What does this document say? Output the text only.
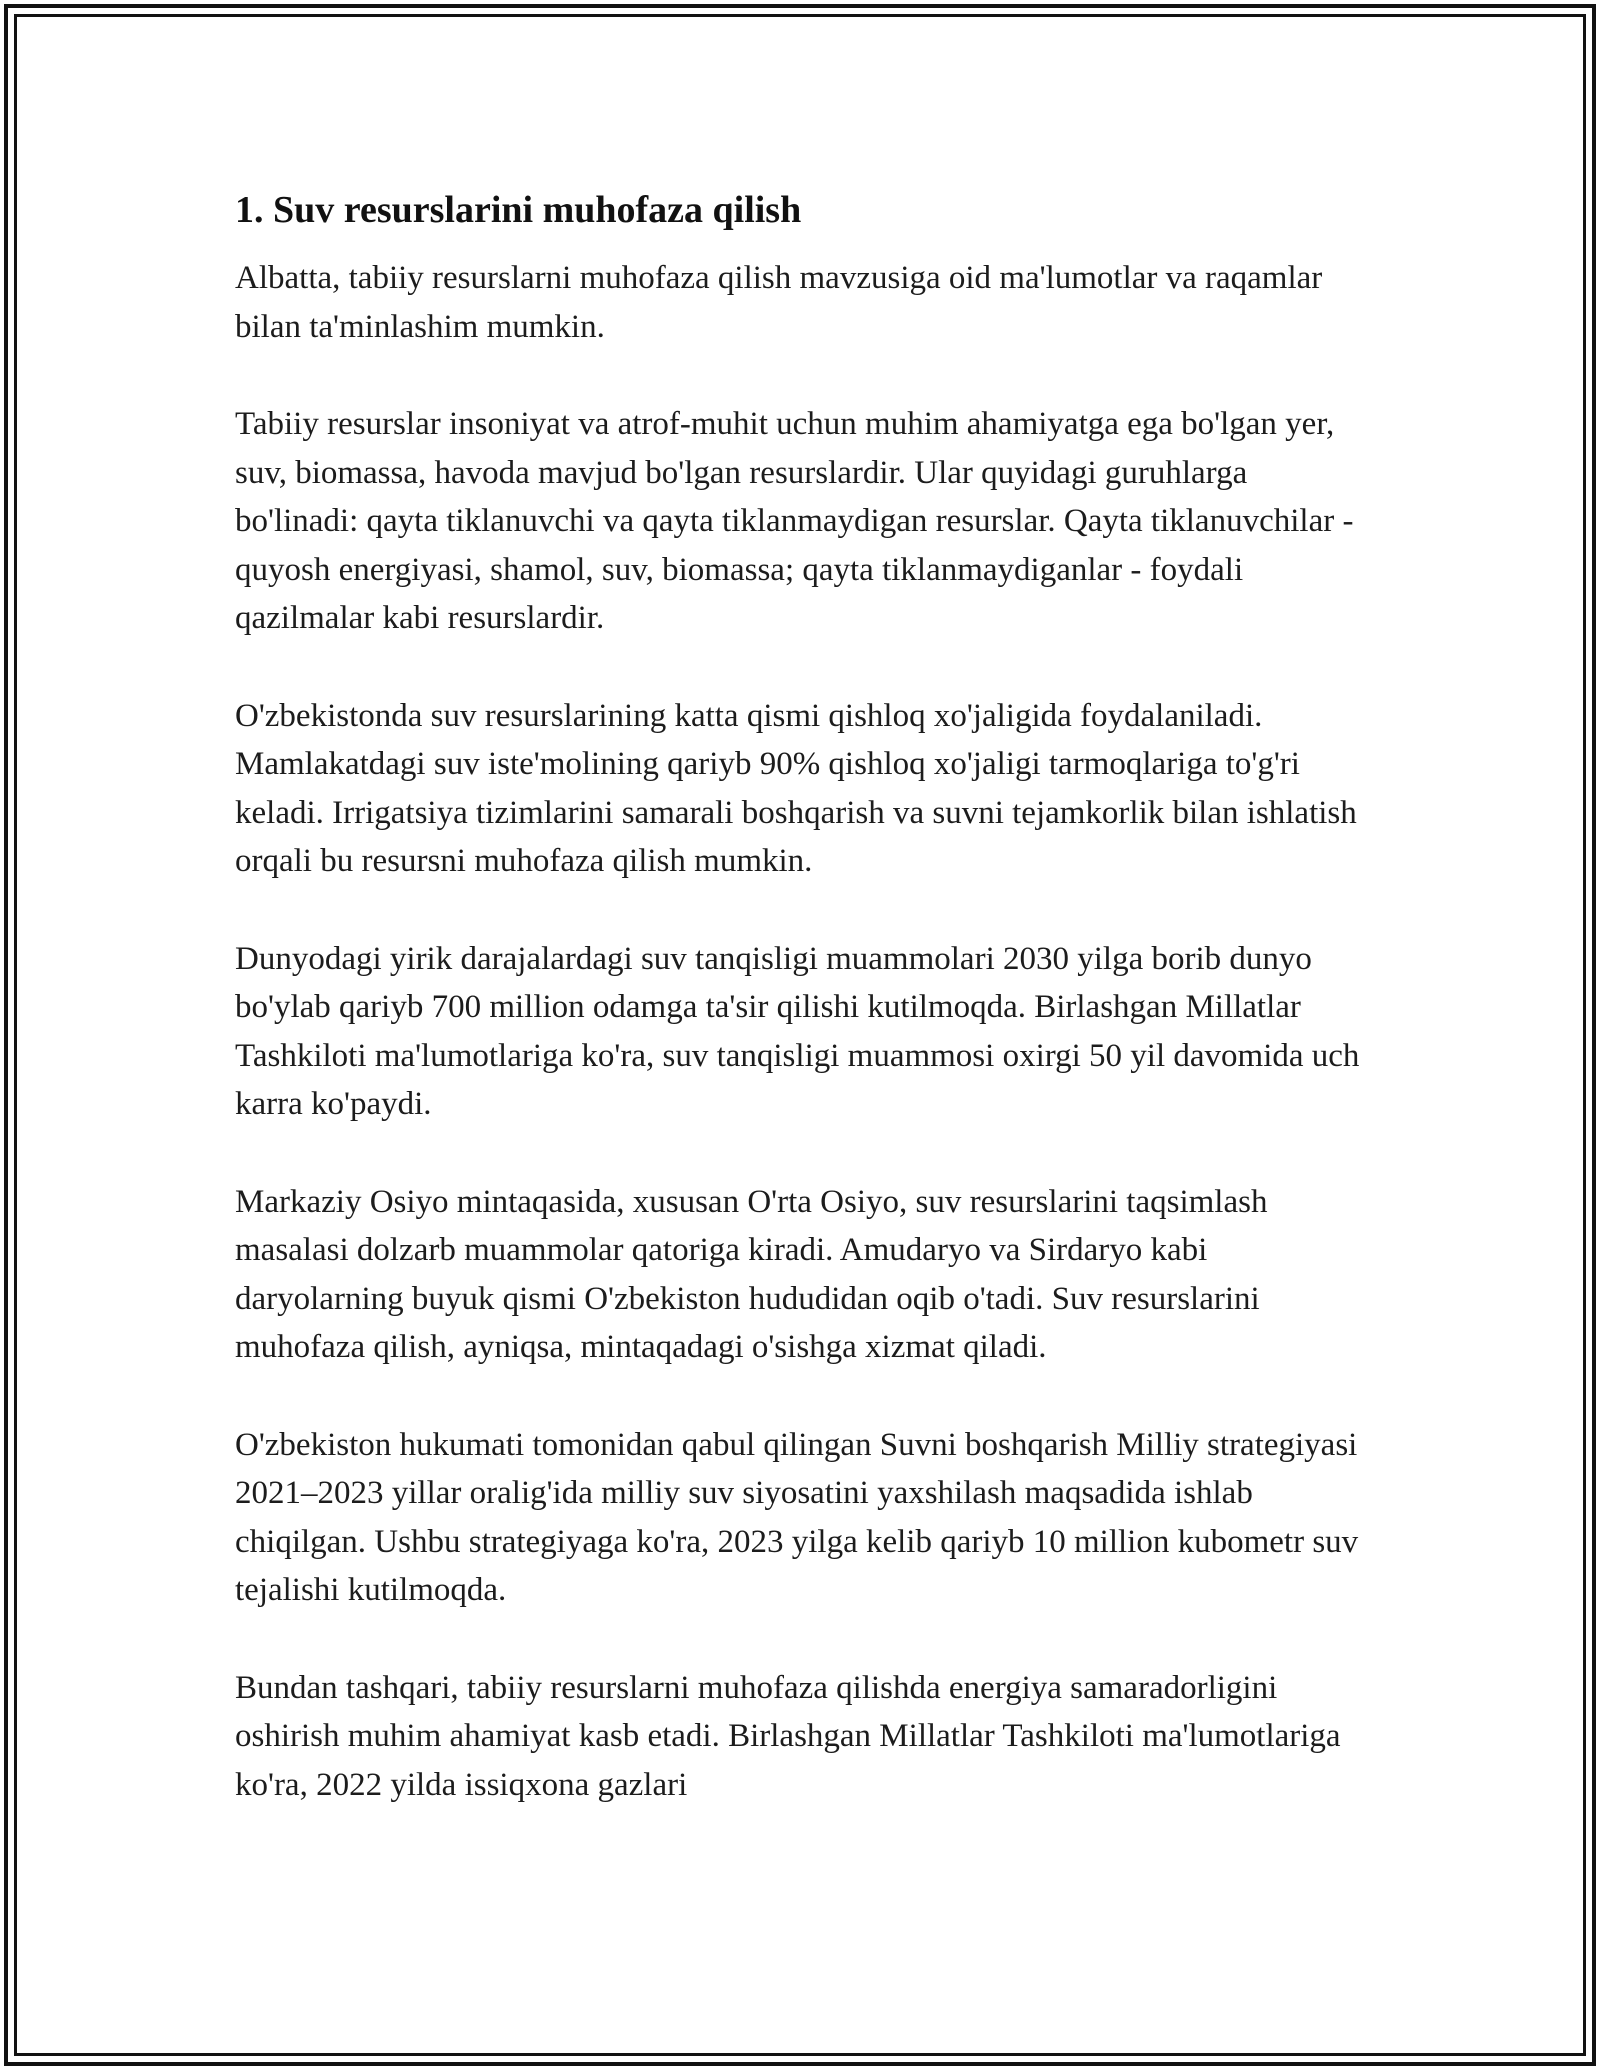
1. Suv resurslarini muhofaza qilish

Albatta, tabiiy resurslarni muhofaza qilish mavzusiga oid ma'lumotlar va raqamlar bilan ta'minlashim mumkin.

Tabiiy resurslar insoniyat va atrof-muhit uchun muhim ahamiyatga ega bo'lgan yer, suv, biomassa, havoda mavjud bo'lgan resurslardir. Ular quyidagi guruhlarga bo'linadi: qayta tiklanuvchi va qayta tiklanmaydigan resurslar. Qayta tiklanuvchilar - quyosh energiyasi, shamol, suv, biomassa; qayta tiklanmaydiganlar - foydali qazilmalar kabi resurslardir.

O'zbekistonda suv resurslarining katta qismi qishloq xo'jaligida foydalaniladi. Mamlakatdagi suv iste'molining qariyb 90% qishloq xo'jaligi tarmoqlariga to'g'ri keladi. Irrigatsiya tizimlarini samarali boshqarish va suvni tejamkorlik bilan ishlatish orqali bu resursni muhofaza qilish mumkin.

Dunyodagi yirik darajalardagi suv tanqisligi muammolari 2030 yilga borib dunyo bo'ylab qariyb 700 million odamga ta'sir qilishi kutilmoqda. Birlashgan Millatlar Tashkiloti ma'lumotlariga ko'ra, suv tanqisligi muammosi oxirgi 50 yil davomida uch karra ko'paydi.

Markaziy Osiyo mintaqasida, xususan O'rta Osiyo, suv resurslarini taqsimlash masalasi dolzarb muammolar qatoriga kiradi. Amudaryo va Sirdaryo kabi daryolarning buyuk qismi O'zbekiston hududidan oqib o'tadi. Suv resurslarini muhofaza qilish, ayniqsa, mintaqadagi o'sishga xizmat qiladi.

O'zbekiston hukumati tomonidan qabul qilingan Suvni boshqarish Milliy strategiyasi 2021–2023 yillar oralig'ida milliy suv siyosatini yaxshilash maqsadida ishlab chiqilgan. Ushbu strategiyaga ko'ra, 2023 yilga kelib qariyb 10 million kubometr suv tejalishi kutilmoqda.

Bundan tashqari, tabiiy resurslarni muhofaza qilishda energiya samaradorligini oshirish muhim ahamiyat kasb etadi. Birlashgan Millatlar Tashkiloti ma'lumotlariga ko'ra, 2022 yilda issiqxona gazlari
